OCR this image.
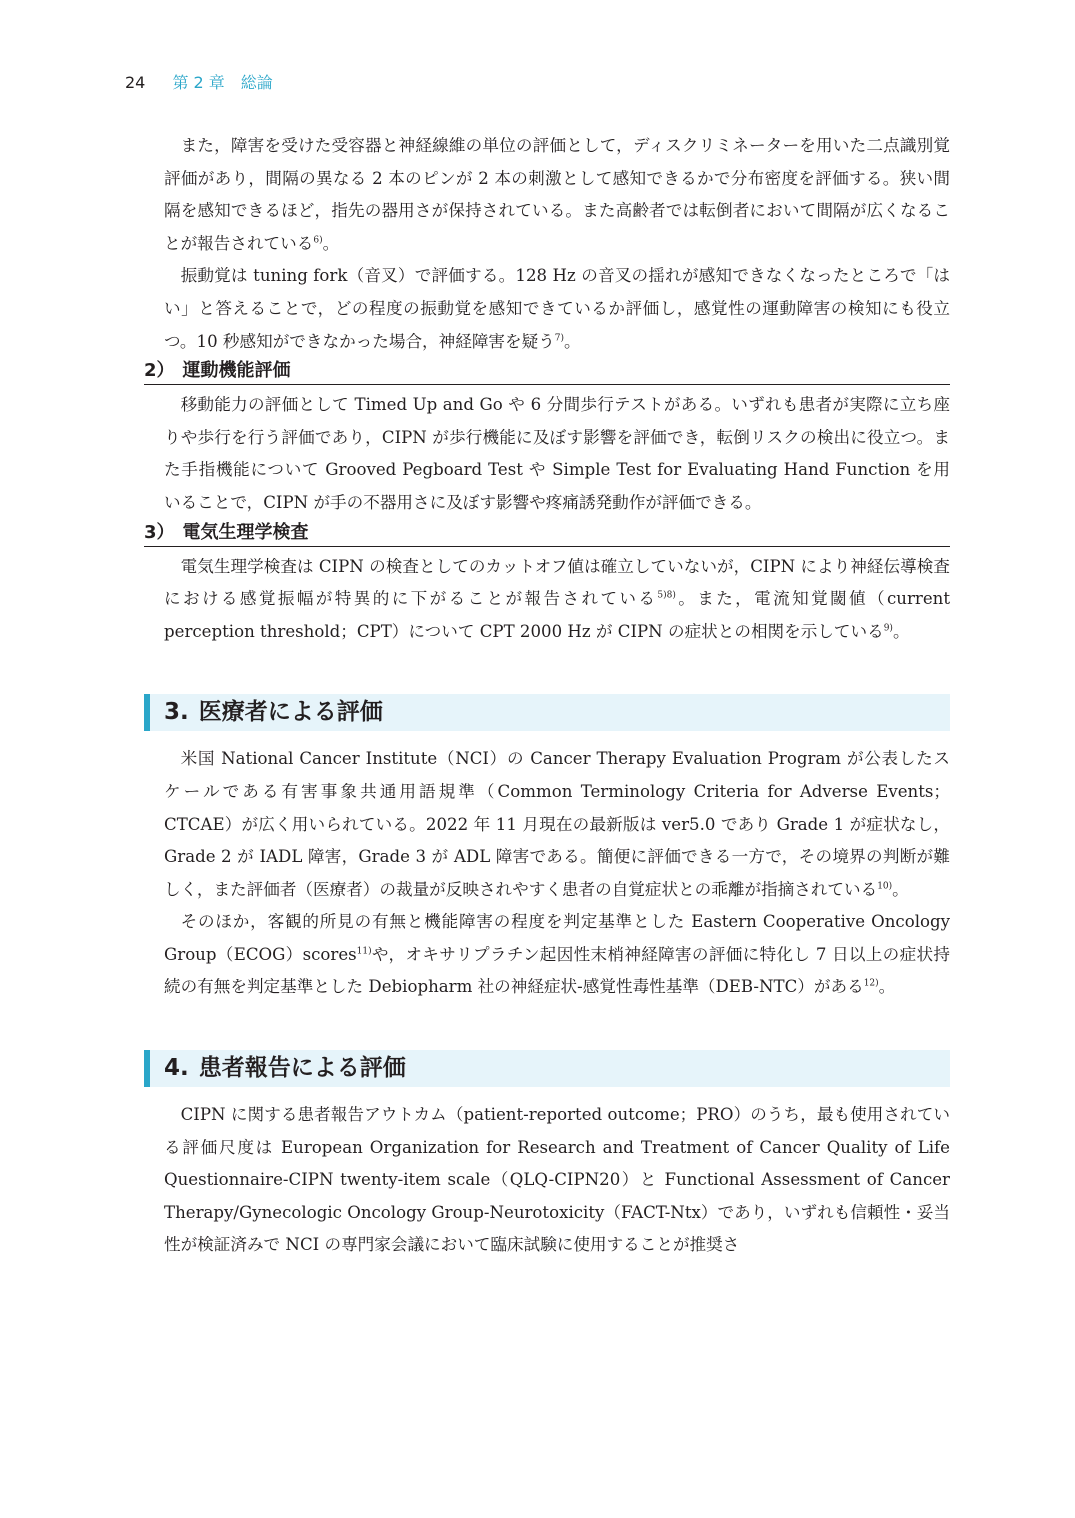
24 第 2 章　総論

また，障害を受けた受容器と神経線維の単位の評価として，ディスクリミネーターを用いた二点識別覚評価があり，間隔の異なる 2 本のピンが 2 本の刺激として感知できるかで分布密度を評価する。狭い間隔を感知できるほど，指先の器用さが保持されている。また高齢者では転倒者において間隔が広くなることが報告されている$^{6)}$。

振動覚は tuning fork（音叉）で評価する。128 Hz の音叉の揺れが感知できなくなったところで「はい」と答えることで，どの程度の振動覚を感知できているか評価し，感覚性の運動障害の検知にも役立つ。10 秒感知ができなかった場合，神経障害を疑う$^{7)}$。

2） 運動機能評価

移動能力の評価として Timed Up and Go や 6 分間歩行テストがある。いずれも患者が実際に立ち座りや歩行を行う評価であり，CIPN が歩行機能に及ぼす影響を評価でき，転倒リスクの検出に役立つ。また手指機能について Grooved Pegboard Test や Simple Test for Evaluating Hand Function を用いることで，CIPN が手の不器用さに及ぼす影響や疼痛誘発動作が評価できる。

3） 電気生理学検査

電気生理学検査は CIPN の検査としてのカットオフ値は確立していないが，CIPN により神経伝導検査における感覚振幅が特異的に下がることが報告されている$^{5)8)}$。また，電流知覚閾値（current perception threshold；CPT）について CPT 2000 Hz が CIPN の症状との相関を示している$^{9)}$。

3. 医療者による評価

米国 National Cancer Institute（NCI）の Cancer Therapy Evaluation Program が公表したスケールである有害事象共通用語規準（Common Terminology Criteria for Adverse Events；CTCAE）が広く用いられている。2022 年 11 月現在の最新版は ver5.0 であり Grade 1 が症状なし，Grade 2 が IADL 障害，Grade 3 が ADL 障害である。簡便に評価できる一方で，その境界の判断が難しく，また評価者（医療者）の裁量が反映されやすく患者の自覚症状との乖離が指摘されている$^{10)}$。

そのほか，客観的所見の有無と機能障害の程度を判定基準とした Eastern Cooperative Oncology Group（ECOG）scores$^{11)}$や，オキサリプラチン起因性末梢神経障害の評価に特化し 7 日以上の症状持続の有無を判定基準とした Debiopharm 社の神経症状-感覚性毒性基準（DEB-NTC）がある$^{12)}$。

4. 患者報告による評価

CIPN に関する患者報告アウトカム（patient-reported outcome；PRO）のうち，最も使用されている評価尺度は European Organization for Research and Treatment of Cancer Quality of Life Questionnaire-CIPN twenty-item scale（QLQ-CIPN20）と Functional Assessment of Cancer Therapy/Gynecologic Oncology Group-Neurotoxicity（FACT-Ntx）であり，いずれも信頼性・妥当性が検証済みで NCI の専門家会議において臨床試験に使用することが推奨さ
